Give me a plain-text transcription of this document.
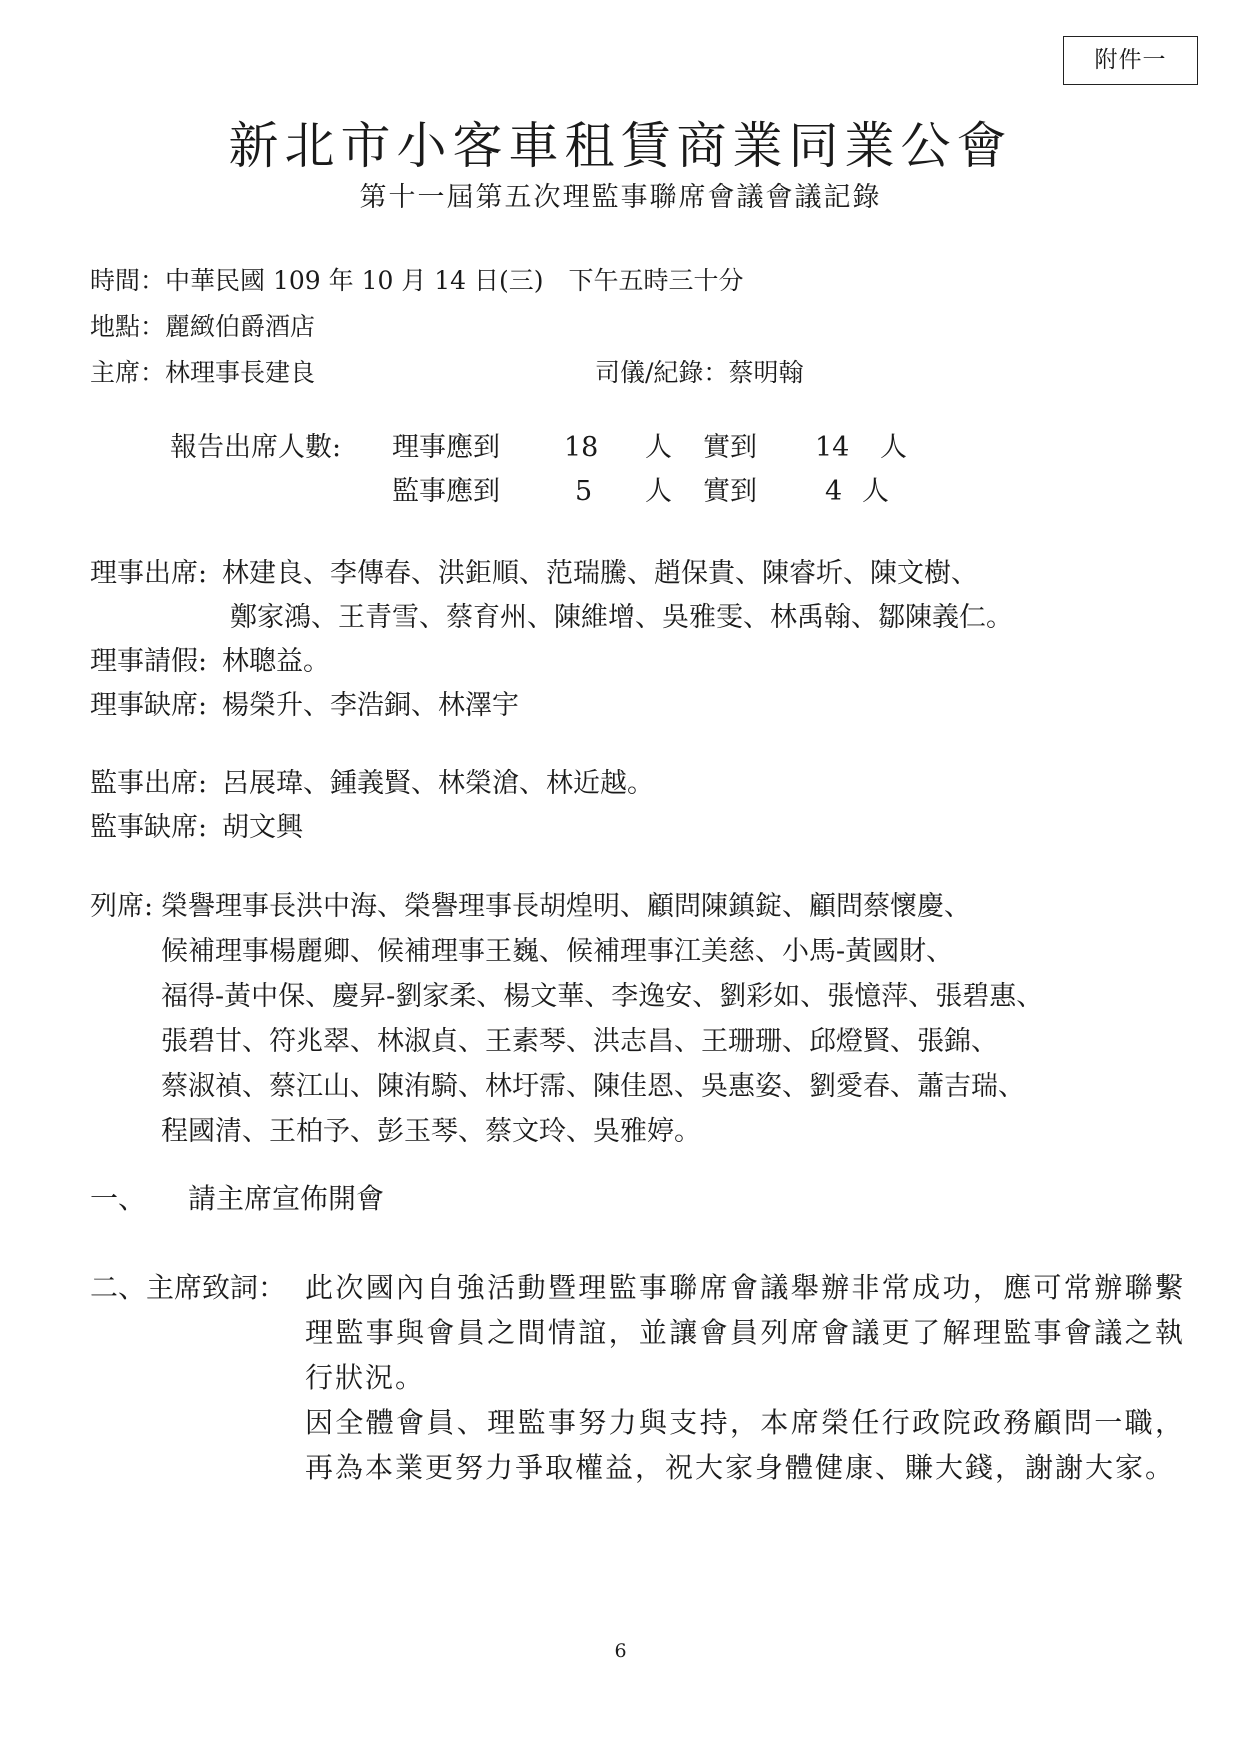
附件一
新北市小客車租賃商業同業公會
第十一屆第五次理監事聯席會議會議記錄
時間：中華民國 109 年 10 月 14 日(三)　下午五時三十分
地點：麗緻伯爵酒店
主席：林理事長建良	司儀/紀錄：蔡明翰
報告出席人數: 理事應到 18 人 實到 14 人
監事應到	5 人 實到	4 人
理事出席: 林建良、李傳春、洪鉅順、范瑞騰、趙保貴、陳睿圻、陳文樹、
鄭家鴻、王青雪、蔡育州、陳維增、吳雅雯、林禹翰、鄒陳義仁。
理事請假: 林聰益。
理事缺席: 楊榮升、李浩銅、林澤宇
監事出席: 呂展瑋、鍾義賢、林榮滄、林近越。
監事缺席: 胡文興
列席: 榮譽理事長洪中海、榮譽理事長胡煌明、顧問陳鎮錠、顧問蔡懷慶、
候補理事楊麗卿、候補理事王巍、候補理事江美慈、小馬-黃國財、
福得-黃中保、慶昇-劉家柔、楊文華、李逸安、劉彩如、張憶萍、張碧惠、
張碧甘、符兆翠、林淑貞、王素琴、洪志昌、王珊珊、邱燈賢、張錦、
蔡淑禎、蔡江山、陳洧騎、林圩霈、陳佳恩、吳惠姿、劉愛春、蕭吉瑞、
程國清、王柏予、彭玉琴、蔡文玲、吳雅婷。
一、 請主席宣佈開會
二、主席致詞： 此次國內自強活動暨理監事聯席會議舉辦非常成功，應可常辦聯繫理監事與會員之間情誼，並讓會員列席會議更了解理監事會議之執行狀況。

因全體會員、理監事努力與支持，本席榮任行政院政務顧問一職，再為本業更努力爭取權益，祝大家身體健康、賺大錢，謝謝大家。

6
